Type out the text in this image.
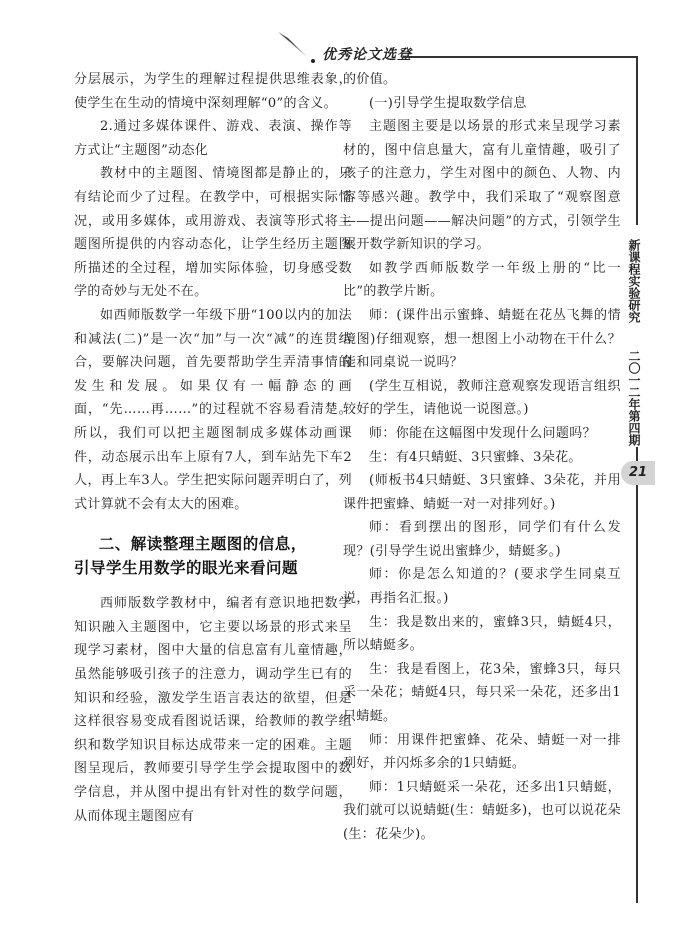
优秀论文选登
新课程实验研究
二〇一二年第四期
21

分层展示，为学生的理解过程提供思维表象，使学生在生动的情境中深刻理解“0”的含义。

2.通过多媒体课件、游戏、表演、操作等方式让“主题图”动态化

教材中的主题图、情境图都是静止的，只有结论而少了过程。在教学中，可根据实际情况，或用多媒体，或用游戏、表演等形式将主题图所提供的内容动态化，让学生经历主题图所描述的全过程，增加实际体验，切身感受数学的奇妙与无处不在。

如西师版数学一年级下册“100以内的加法和减法(二)”是一次“加”与一次“减”的连贯结合，要解决问题，首先要帮助学生弄清事情的发生和发展。如果仅有一幅静态的画面，“先……再……”的过程就不容易看清楚。所以，我们可以把主题图制成多媒体动画课件，动态展示出车上原有7人，到车站先下车2人，再上车3人。学生把实际问题弄明白了，列式计算就不会有太大的困难。

二、解读整理主题图的信息，
引导学生用数学的眼光来看问题

西师版数学教材中，编者有意识地把数学知识融入主题图中，它主要以场景的形式来呈现学习素材，图中大量的信息富有儿童情趣，虽然能够吸引孩子的注意力，调动学生已有的知识和经验，激发学生语言表达的欲望，但是这样很容易变成看图说话课，给教师的教学组织和数学知识目标达成带来一定的困难。主题图呈现后，教师要引导学生学会提取图中的数学信息，并从图中提出有针对性的数学问题，从而体现主题图应有

的价值。

(一)引导学生提取数学信息

主题图主要是以场景的形式来呈现学习素材的，图中信息量大，富有儿童情趣，吸引了孩子的注意力，学生对图中的颜色、人物、内容等感兴趣。教学中，我们采取了“观察图意——提出问题——解决问题”的方式，引领学生展开数学新知识的学习。

如教学西师版数学一年级上册的“比一比”的教学片断。

师：(课件出示蜜蜂、蜻蜓在花丛飞舞的情境图)仔细观察，想一想图上小动物在干什么？能和同桌说一说吗？

(学生互相说，教师注意观察发现语言组织较好的学生，请他说一说图意。)

师：你能在这幅图中发现什么问题吗？

生：有4只蜻蜓、3只蜜蜂、3朵花。

(师板书4只蜻蜓、3只蜜蜂、3朵花，并用课件把蜜蜂、蜻蜓一对一对排列好。)

师：看到摆出的图形，同学们有什么发现？(引导学生说出蜜蜂少，蜻蜓多。)

师：你是怎么知道的？(要求学生同桌互说，再指名汇报。)

生：我是数出来的，蜜蜂3只，蜻蜓4只，所以蜻蜓多。

生：我是看图上，花3朵，蜜蜂3只，每只采一朵花；蜻蜓4只，每只采一朵花，还多出1只蜻蜓。

师：用课件把蜜蜂、花朵、蜻蜓一对一排列好，并闪烁多余的1只蜻蜓。

师：1只蜻蜓采一朵花，还多出1只蜻蜓，我们就可以说蜻蜓(生：蜻蜓多)，也可以说花朵(生：花朵少)。
